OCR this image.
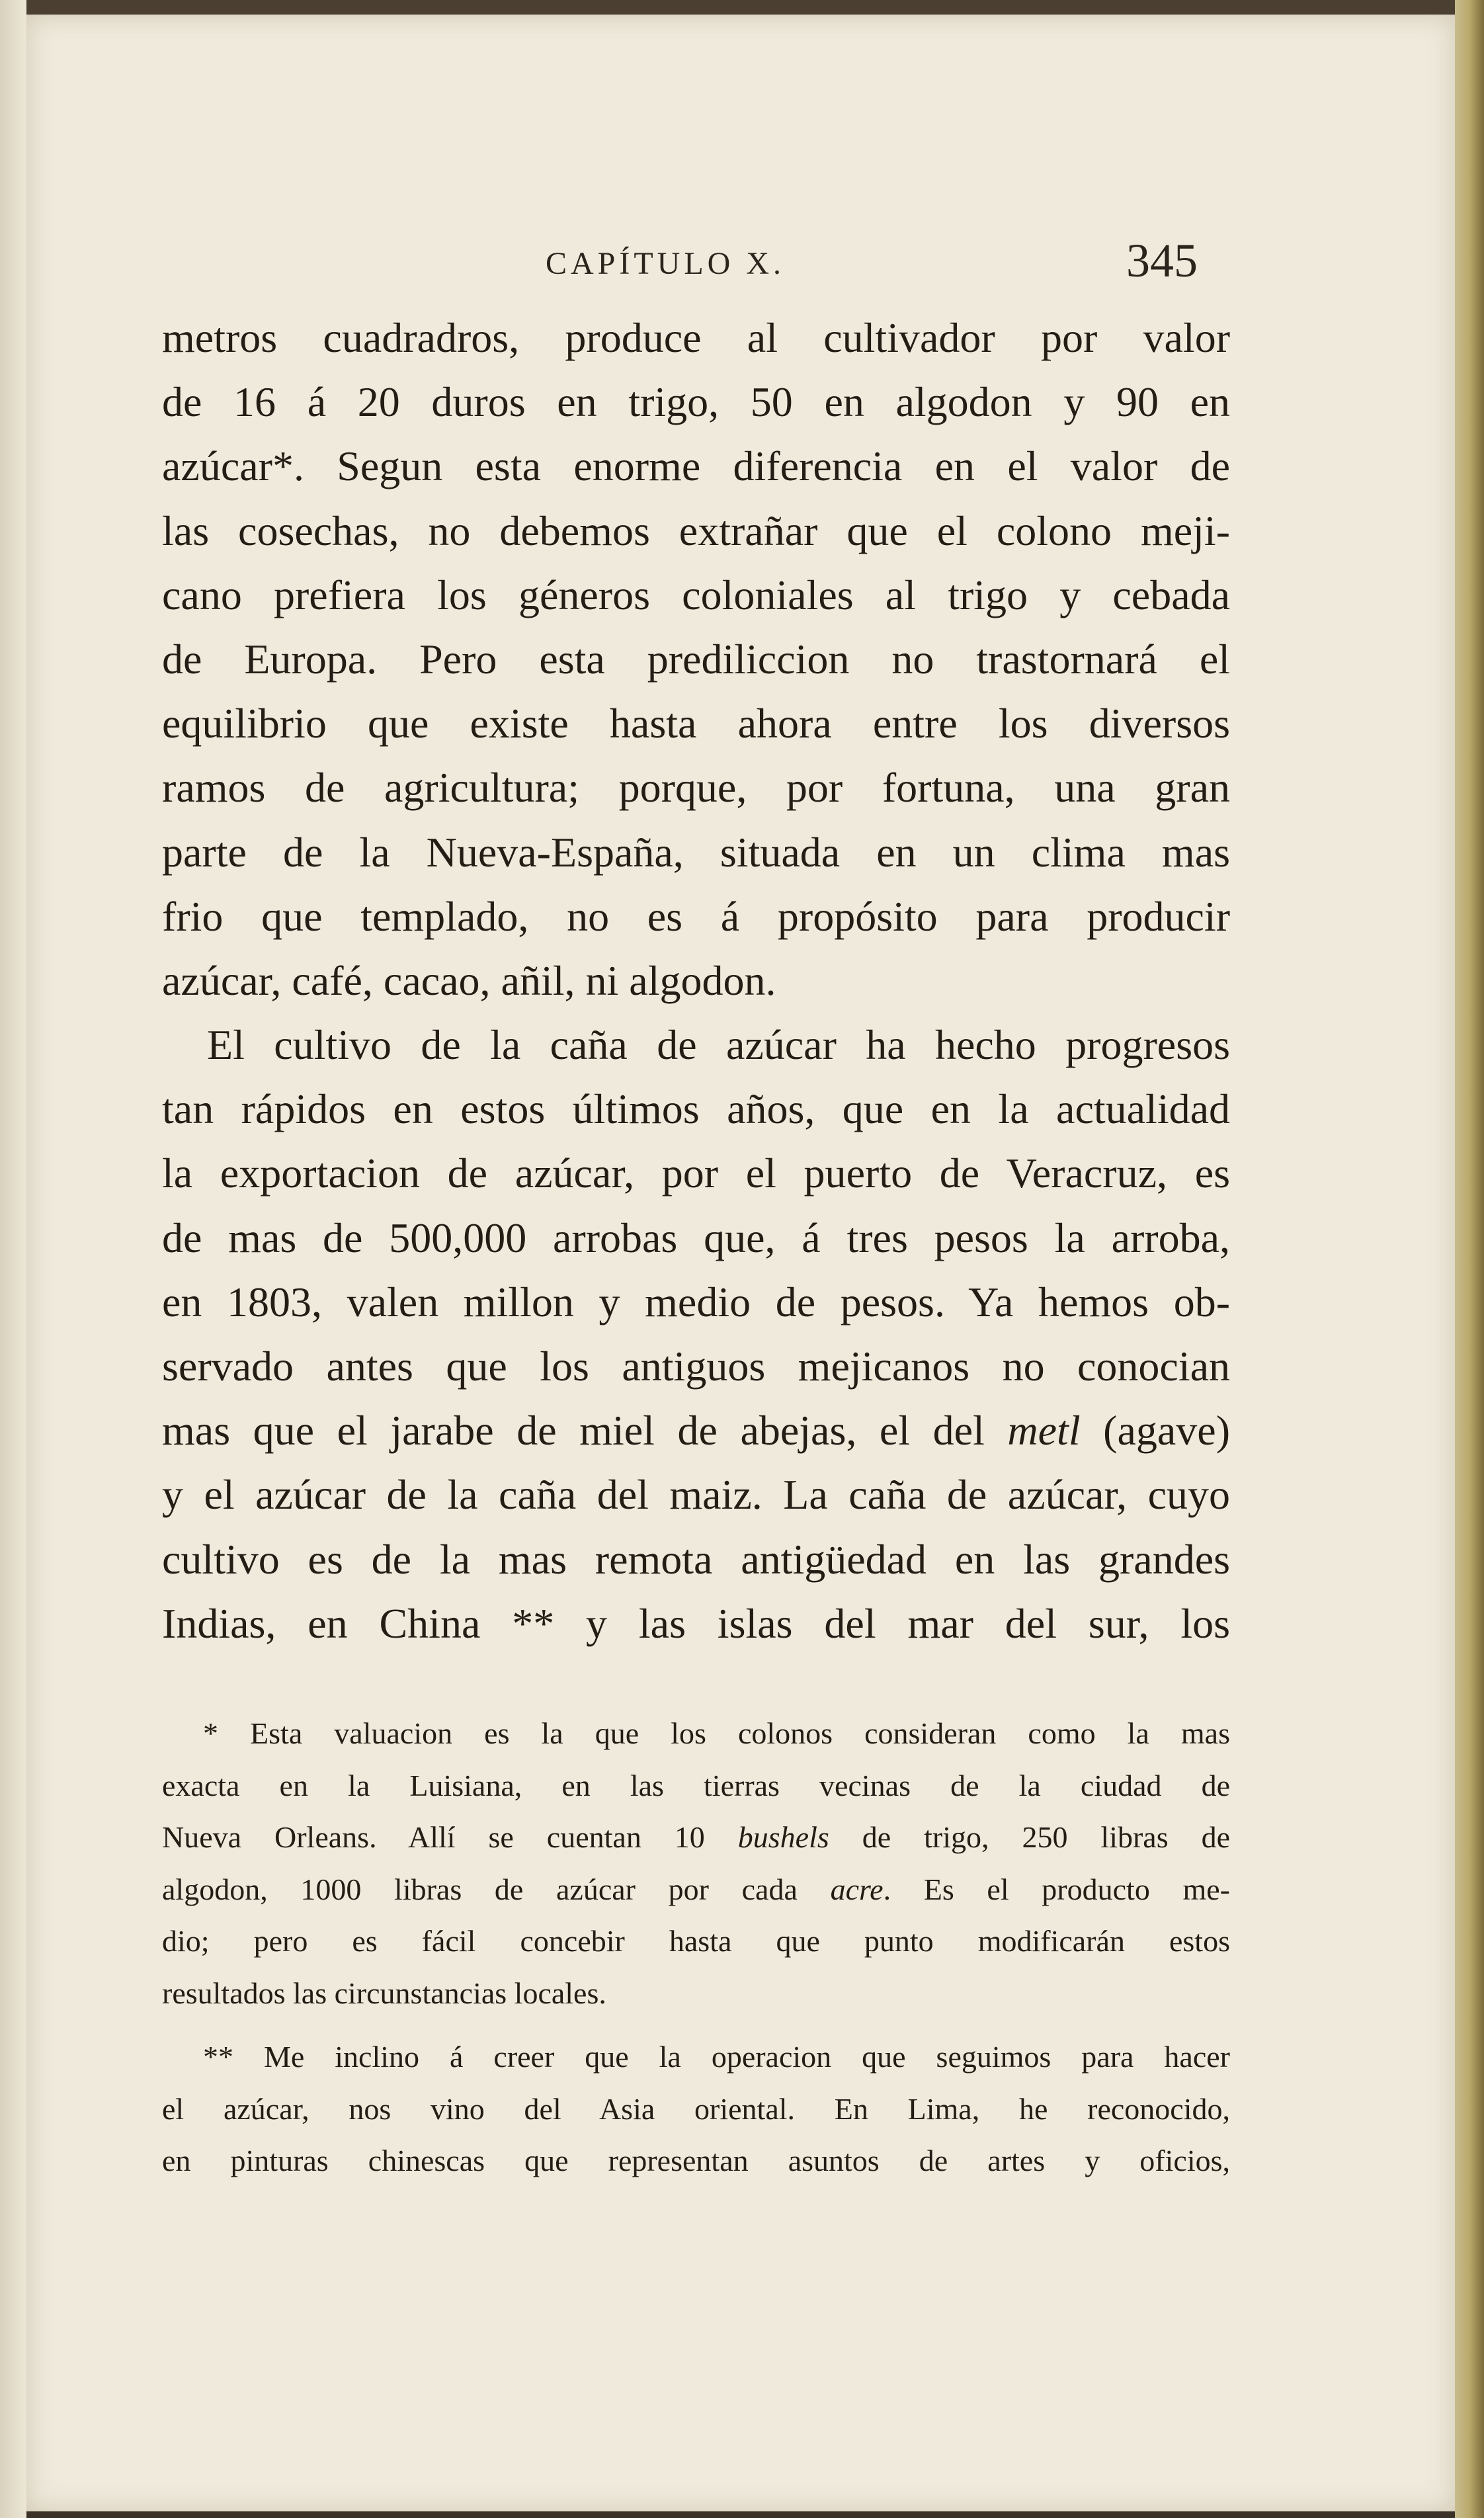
CAPÍTULO X.	345
metros cuadradros, produce al cultivador por valor
de 16 á 20 duros en trigo, 50 en algodon y 90 en
azúcar*. Segun esta enorme diferencia en el valor de
las cosechas, no debemos extrañar que el colono meji-
cano prefiera los géneros coloniales al trigo y cebada
de Europa. Pero esta prediliccion no trastornará el
equilibrio que existe hasta ahora entre los diversos
ramos de agricultura; porque, por fortuna, una gran
parte de la Nueva-España, situada en un clima mas
frio que templado, no es á propósito para producir
azúcar, café, cacao, añil, ni algodon.
El cultivo de la caña de azúcar ha hecho progresos
tan rápidos en estos últimos años, que en la actualidad
la exportacion de azúcar, por el puerto de Veracruz, es
de mas de 500,000 arrobas que, á tres pesos la arroba,
en 1803, valen millon y medio de pesos. Ya hemos ob-
servado antes que los antiguos mejicanos no conocian
mas que el jarabe de miel de abejas, el del metl (agave)
y el azúcar de la caña del maiz. La caña de azúcar, cuyo
cultivo es de la mas remota antigüedad en las grandes
Indias, en China ** y las islas del mar del sur, los
* Esta valuacion es la que los colonos consideran como la mas
exacta en la Luisiana, en las tierras vecinas de la ciudad de
Nueva Orleans. Allí se cuentan 10 bushels de trigo, 250 libras de
algodon, 1000 libras de azúcar por cada acre. Es el producto me-
dio; pero es fácil concebir hasta que punto modificarán estos
resultados las circunstancias locales.
** Me inclino á creer que la operacion que seguimos para hacer
el azúcar, nos vino del Asia oriental. En Lima, he reconocido,
en pinturas chinescas que representan asuntos de artes y oficios,
